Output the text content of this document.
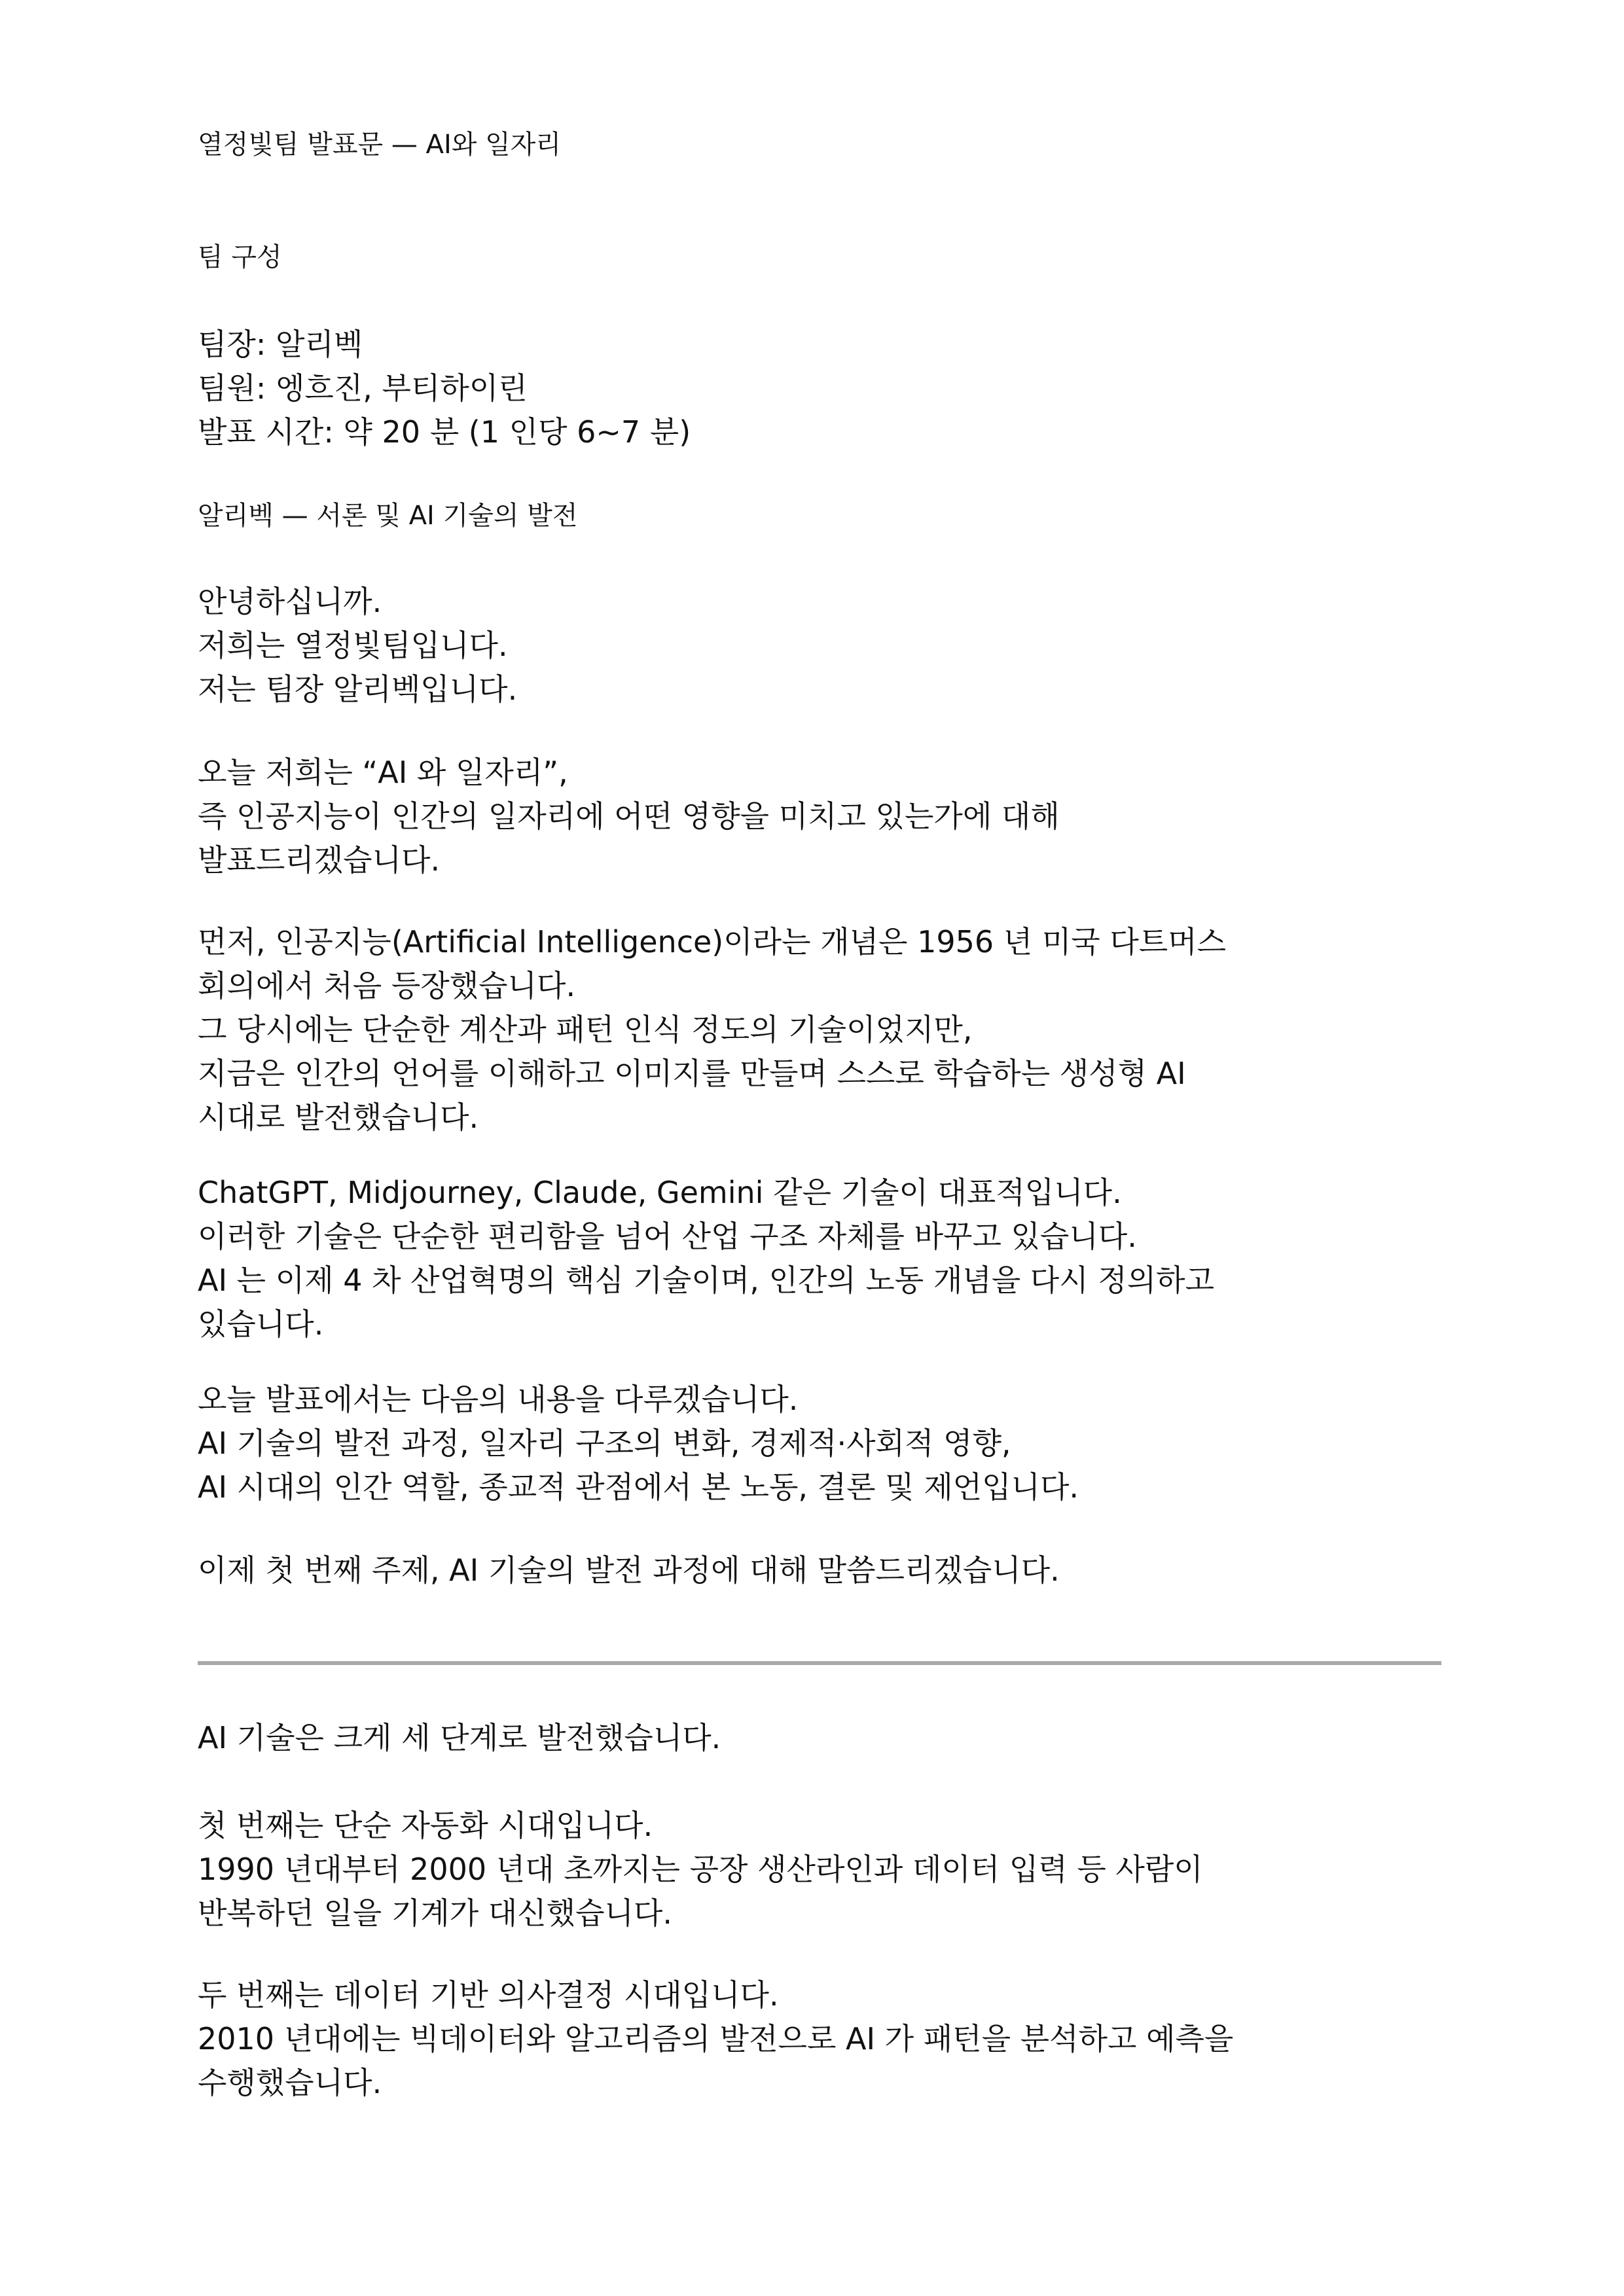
열정빛팀 발표문 — AI와 일자리
팀 구성
팀장: 알리벡
팀원: 엥흐진, 부티하이린
발표 시간: 약 20 분 (1 인당 6~7 분)
알리벡 — 서론 및 AI 기술의 발전
안녕하십니까.
저희는 열정빛팀입니다.
저는 팀장 알리벡입니다.
오늘 저희는 “AI 와 일자리”,
즉 인공지능이 인간의 일자리에 어떤 영향을 미치고 있는가에 대해
발표드리겠습니다.
먼저, 인공지능(Artificial Intelligence)이라는 개념은 1956 년 미국 다트머스
회의에서 처음 등장했습니다.
그 당시에는 단순한 계산과 패턴 인식 정도의 기술이었지만,
지금은 인간의 언어를 이해하고 이미지를 만들며 스스로 학습하는 생성형 AI
시대로 발전했습니다.
ChatGPT, Midjourney, Claude, Gemini 같은 기술이 대표적입니다.
이러한 기술은 단순한 편리함을 넘어 산업 구조 자체를 바꾸고 있습니다.
AI 는 이제 4 차 산업혁명의 핵심 기술이며, 인간의 노동 개념을 다시 정의하고
있습니다.
오늘 발표에서는 다음의 내용을 다루겠습니다.
AI 기술의 발전 과정, 일자리 구조의 변화, 경제적·사회적 영향,
AI 시대의 인간 역할, 종교적 관점에서 본 노동, 결론 및 제언입니다.
이제 첫 번째 주제, AI 기술의 발전 과정에 대해 말씀드리겠습니다.
AI 기술은 크게 세 단계로 발전했습니다.
첫 번째는 단순 자동화 시대입니다.
1990 년대부터 2000 년대 초까지는 공장 생산라인과 데이터 입력 등 사람이
반복하던 일을 기계가 대신했습니다.
두 번째는 데이터 기반 의사결정 시대입니다.
2010 년대에는 빅데이터와 알고리즘의 발전으로 AI 가 패턴을 분석하고 예측을
수행했습니다.
